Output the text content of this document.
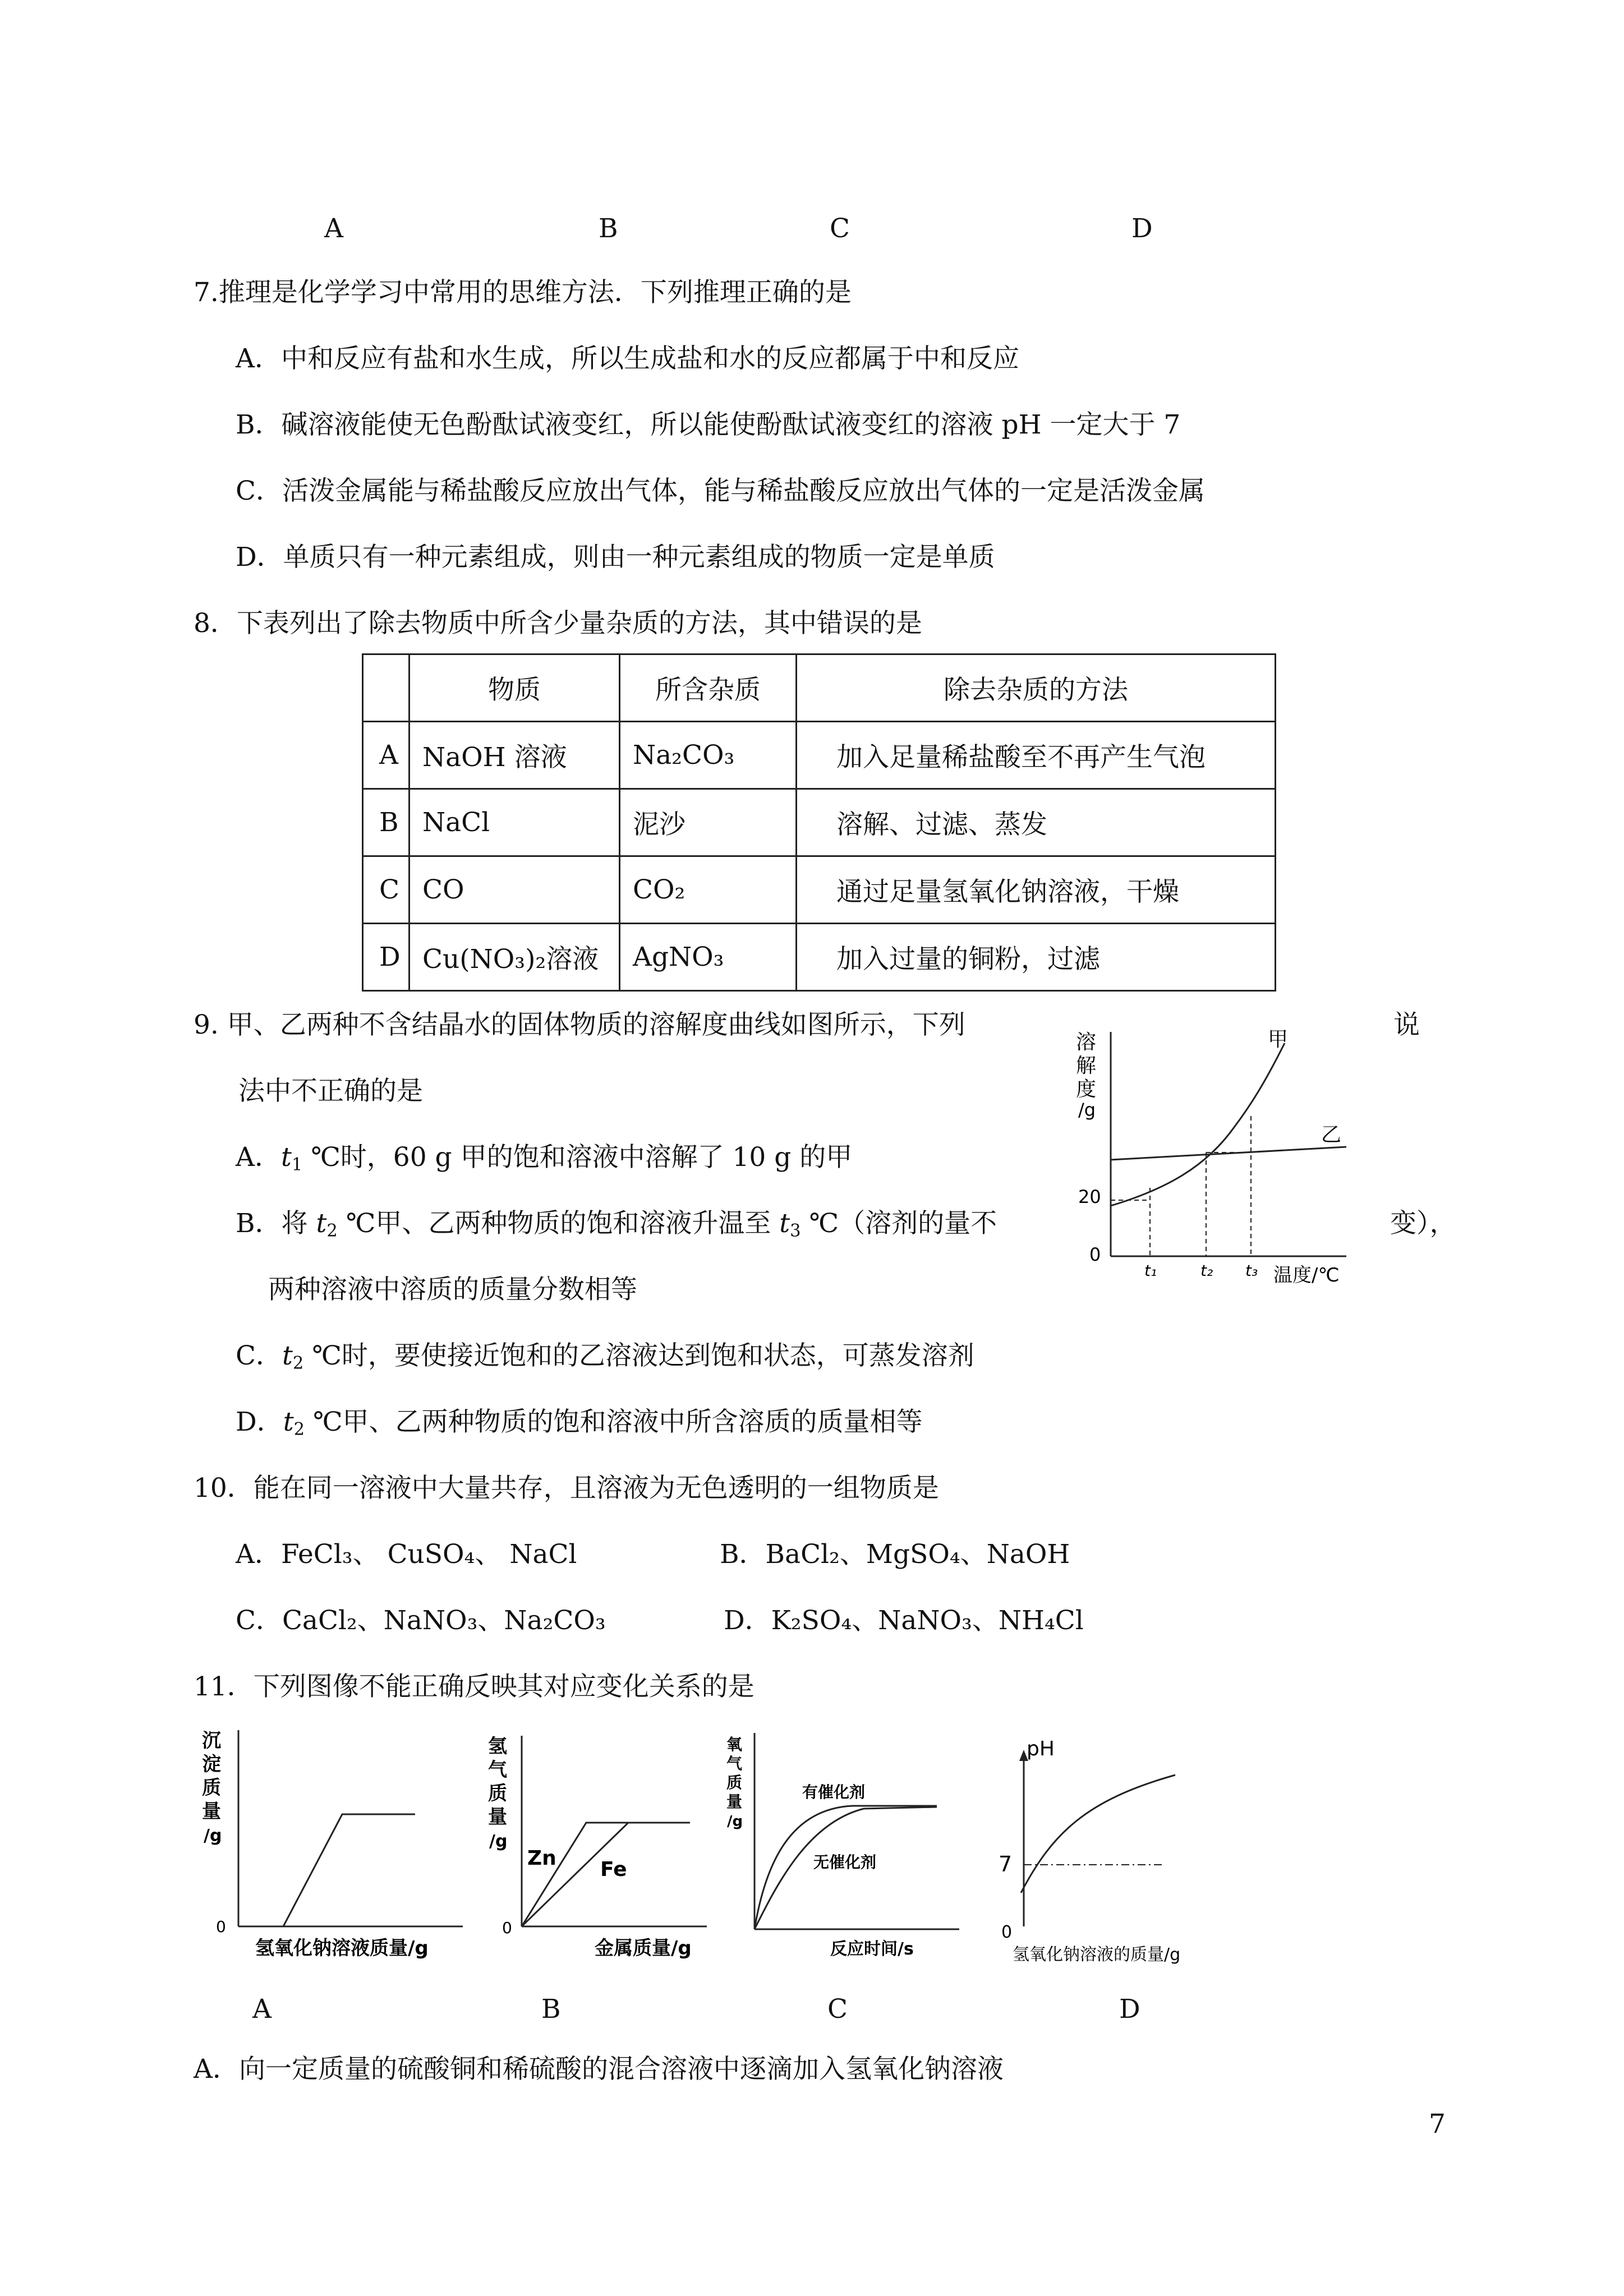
A	B	C	D
7.推理是化学学习中常用的思维方法．下列推理正确的是
A．中和反应有盐和水生成，所以生成盐和水的反应都属于中和反应
B．碱溶液能使无色酚酞试液变红，所以能使酚酞试液变红的溶液 pH 一定大于 7
C．活泼金属能与稀盐酸反应放出气体，能与稀盐酸反应放出气体的一定是活泼金属
D．单质只有一种元素组成，则由一种元素组成的物质一定是单质
8．下表列出了除去物质中所含少量杂质的方法，其中错误的是
	物质	所含杂质	除去杂质的方法
A	NaOH 溶液	Na₂CO₃	加入足量稀盐酸至不再产生气泡
B	NaCl	泥沙	溶解、过滤、蒸发
C	CO	CO₂	通过足量氢氧化钠溶液，干燥
D	Cu(NO₃)₂溶液	AgNO₃	加入过量的铜粉，过滤
9. 甲、乙两种不含结晶水的固体物质的溶解度曲线如图所示，下列	说
法中不正确的是
A．$t_1$ ℃时，60 g 甲的饱和溶液中溶解了 10 g 的甲
B．将 $t_2$ ℃甲、乙两种物质的饱和溶液升温至 $t_3$ ℃（溶剂的量不	变），
两种溶液中溶质的质量分数相等
C．$t_2$ ℃时，要使接近饱和的乙溶液达到饱和状态，可蒸发溶剂
D．$t_2$ ℃甲、乙两种物质的饱和溶液中所含溶质的质量相等
溶
解
度
/g
0
20
甲
乙
t₁	t₂ t₃ 温度/℃
10．能在同一溶液中大量共存，且溶液为无色透明的一组物质是
A．FeCl₃、 CuSO₄、 NaCl	B．BaCl₂、MgSO₄、NaOH
C．CaCl₂、NaNO₃、Na₂CO₃	D．K₂SO₄、NaNO₃、NH₄Cl
11．下列图像不能正确反映其对应变化关系的是
沉
淀
质
量
/g
0
氢氧化钠溶液质量/g
氢
气
质
量
/g
0
Zn Fe
金属质量/g
氧
气
质
量
/g
有催化剂
无催化剂
反应时间/s
pH
0
7
氢氧化钠溶液的质量/g
A	B	C	D
A．向一定质量的硫酸铜和稀硫酸的混合溶液中逐滴加入氢氧化钠溶液
7
